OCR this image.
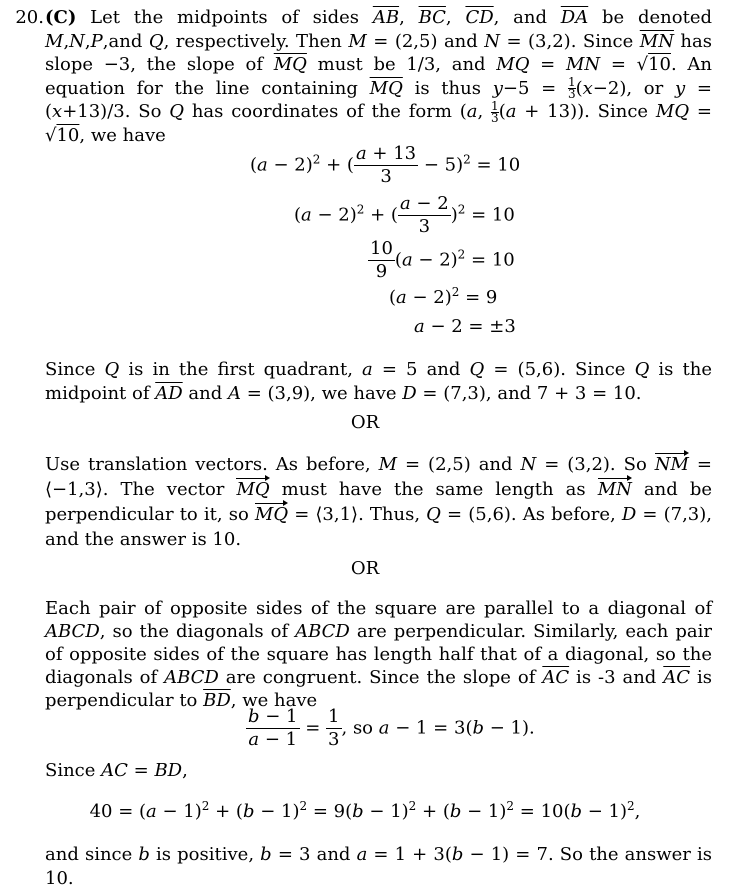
20. (C) Let the midpoints of sides $\overline{AB}$, $\overline{BC}$, $\overline{CD}$, and $\overline{DA}$ be denoted M,N,P,and Q, respectively. Then M = (2,5) and N = (3,2). Since $\overline{MN}$ has slope −3, the slope of $\overline{MQ}$ must be 1/3, and MQ = MN = √10. An equation for the line containing $\overline{MQ}$ is thus $y-5 = \frac{1}{3}(x-2)$, or y = (x+13)/3. So Q has coordinates of the form (a, $\frac{1}{3}(a + 13)$). Since MQ = √10, we have

$(a - 2)^2$ + ( $\frac{a + 13}{3} - 5)^2 = 10$
$(a - 2)^2$ + ( $\frac{a - 2}{3} )^2 = 10$
$\frac{10}{9} (a - 2)^2 = 10$
$(a - 2)^2 = 9$
a − 2 = ±3

Since Q is in the first quadrant, a = 5 and Q = (5,6). Since Q is the midpoint of $\overline{AD}$ and A = (3,9), we have D = (7,3), and 7 + 3 = 10.

OR

Use translation vectors. As before, M = (2,5) and N = (3,2). So NM = ⟨−1,3⟩. The vector MQ must have the same length as MN and be perpendicular to it, so MQ = ⟨3,1⟩. Thus, Q = (5,6). As before, D = (7,3), and the answer is 10.

OR

Each pair of opposite sides of the square are parallel to a diagonal of ABCD, so the diagonals of ABCD are perpendicular. Similarly, each pair of opposite sides of the square has length half that of a diagonal, so the diagonals of ABCD are congruent. Since the slope of $\overline{AC}$ is -3 and $\overline{AC}$ is perpendicular to $\overline{BD}$, we have

$\frac{b - 1}{a - 1} = \frac{1}{3}$ , so a − 1 = 3(b − 1).

Since AC = BD,

$40 = (a - 1)^2 + (b - 1)^2 = 9(b - 1)^2 + (b - 1)^2 = 10(b - 1)^2$,

and since b is positive, b = 3 and a = 1 + 3(b − 1) = 7. So the answer is 10.
